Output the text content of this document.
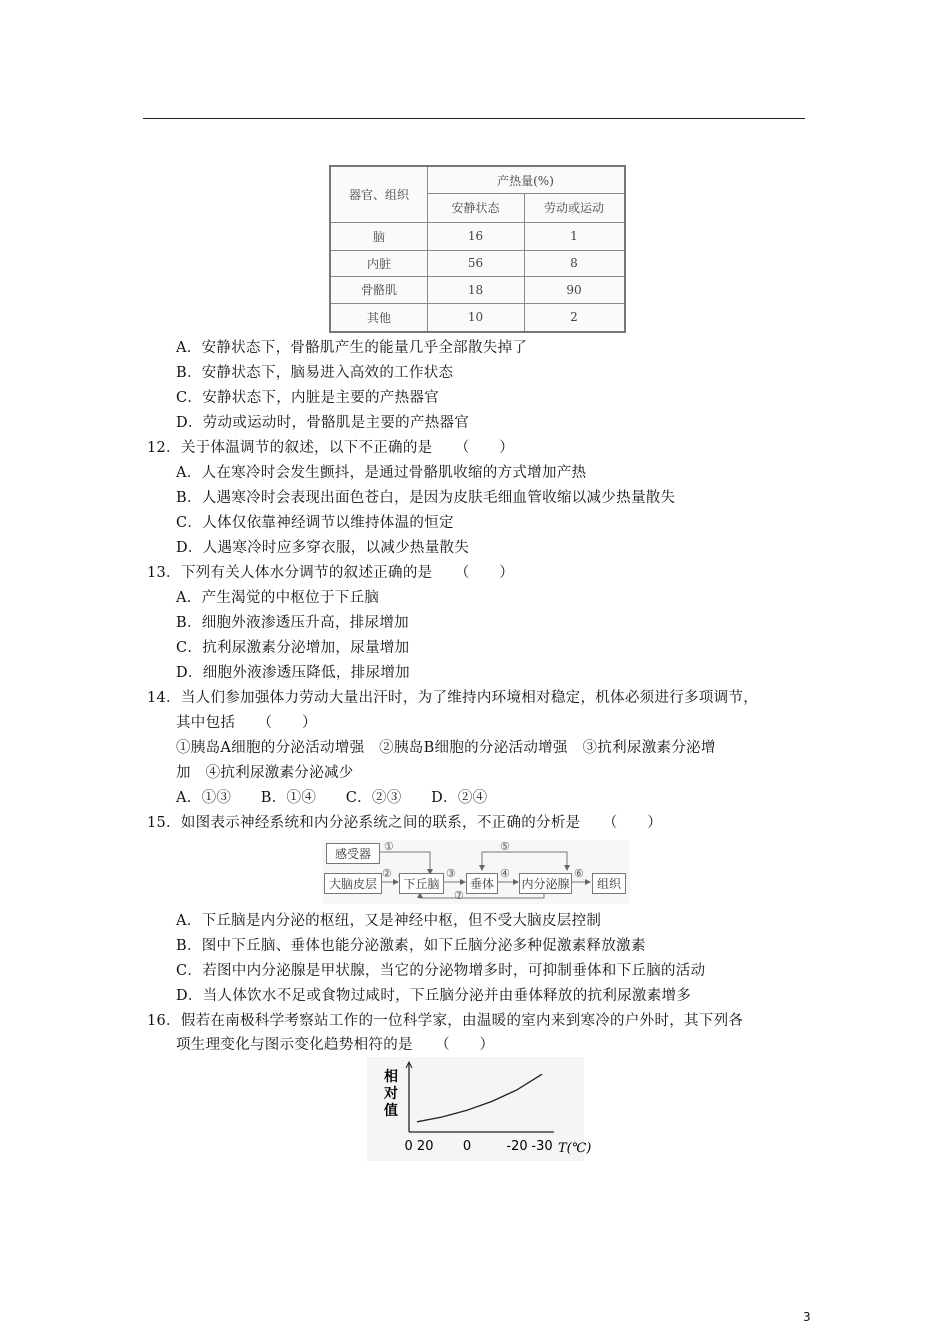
器官、组织
产热量(%)
安静状态	劳动或运动
脑	16	1
内脏	56	8
骨骼肌	18	90
其他	10	2
A．安静状态下，骨骼肌产生的能量几乎全部散失掉了
B．安静状态下，脑易进入高效的工作状态
C．安静状态下，内脏是主要的产热器官
D．劳动或运动时，骨骼肌是主要的产热器官
12．关于体温调节的叙述，以下不正确的是　　（　　）
A．人在寒冷时会发生颤抖，是通过骨骼肌收缩的方式增加产热
B．人遇寒冷时会表现出面色苍白，是因为皮肤毛细血管收缩以减少热量散失
C．人体仅依靠神经调节以维持体温的恒定
D．人遇寒冷时应多穿衣服，以减少热量散失
13．下列有关人体水分调节的叙述正确的是　　（　　）
A．产生渴觉的中枢位于下丘脑
B．细胞外液渗透压升高，排尿增加
C．抗利尿激素分泌增加，尿量增加
D．细胞外液渗透压降低，排尿增加
14．当人们参加强体力劳动大量出汗时，为了维持内环境相对稳定，机体必须进行多项调节，
其中包括　　（　　）
①胰岛A细胞的分泌活动增强　②胰岛B细胞的分泌活动增强　③抗利尿激素分泌增
加　④抗利尿激素分泌减少
A．①③　　B．①④　　C．②③　　D．②④
15．如图表示神经系统和内分泌系统之间的联系，不正确的分析是　　（　　）
感受器
大脑皮层	下丘脑	垂体	内分泌腺	组织
①
②	③	④
⑤
⑥
⑦
A．下丘脑是内分泌的枢纽，又是神经中枢，但不受大脑皮层控制
B．图中下丘脑、垂体也能分泌激素，如下丘脑分泌多种促激素释放激素
C．若图中内分泌腺是甲状腺，当它的分泌物增多时，可抑制垂体和下丘脑的活动
D．当人体饮水不足或食物过咸时，下丘脑分泌并由垂体释放的抗利尿激素增多
16．假若在南极科学考察站工作的一位科学家，由温暖的室内来到寒冷的户外时，其下列各
项生理变化与图示变化趋势相符的是　　（　　）
相
对
值
0 20 0	-20 -30 T(℃)
3
